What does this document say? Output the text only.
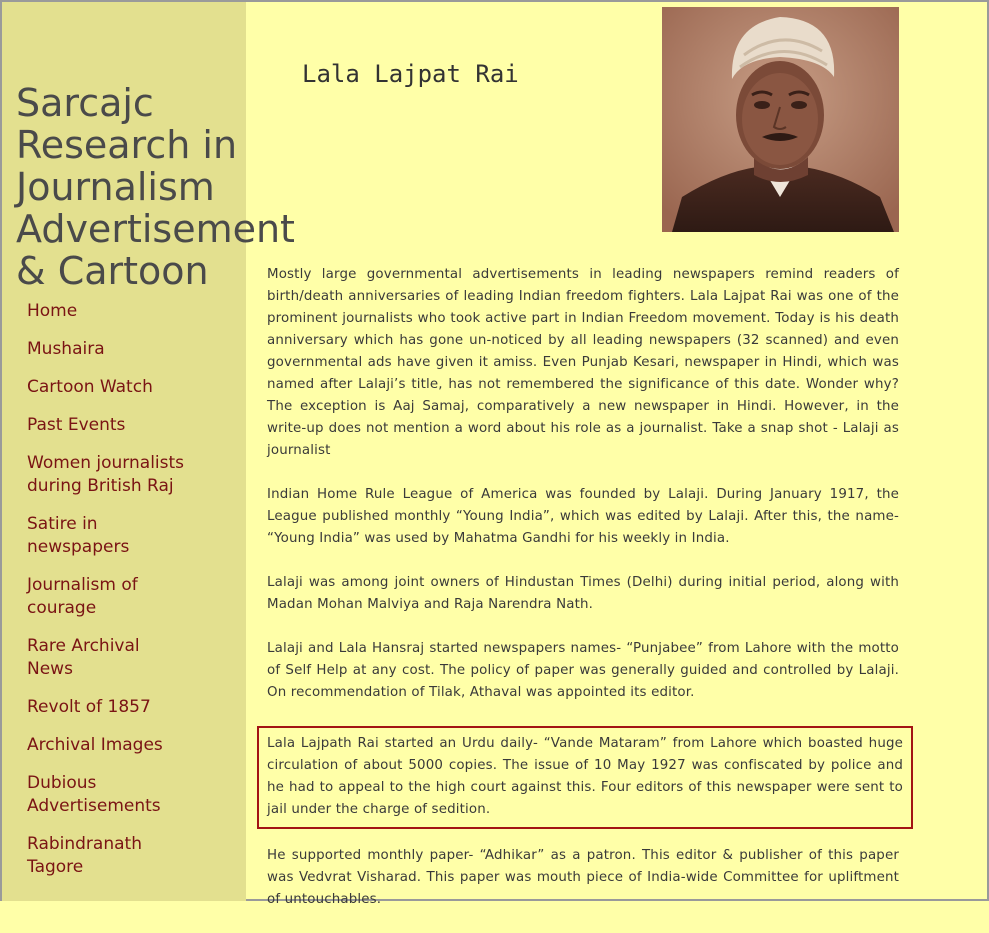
Sarcajc
Research in
Journalism
Advertisement
& Cartoon
Home
Mushaira
Cartoon Watch
Past Events
Women journalists during British Raj
Satire in newspapers
Journalism of courage
Rare Archival News
Revolt of 1857
Archival Images
Dubious Advertisements
Rabindranath Tagore
Lala Lajpat Rai

Mostly large governmental advertisements in leading newspapers remind readers of birth/death anniversaries of leading Indian freedom fighters. Lala Lajpat Rai was one of the prominent journalists who took active part in Indian Freedom movement. Today is his death anniversary which has gone un-noticed by all leading newspapers (32 scanned) and even governmental ads have given it amiss. Even Punjab Kesari, newspaper in Hindi, which was named after Lalaji’s title, has not remembered the significance of this date. Wonder why? The exception is Aaj Samaj, comparatively a new newspaper in Hindi. However, in the write-up does not mention a word about his role as a journalist. Take a snap shot - Lalaji as journalist

Indian Home Rule League of America was founded by Lalaji. During January 1917, the League published monthly “Young India”, which was edited by Lalaji. After this, the name- “Young India” was used by Mahatma Gandhi for his weekly in India.

Lalaji was among joint owners of Hindustan Times (Delhi) during initial period, along with Madan Mohan Malviya and Raja Narendra Nath.

Lalaji and Lala Hansraj started newspapers names- “Punjabee” from Lahore with the motto of Self Help at any cost. The policy of paper was generally guided and controlled by Lalaji. On recommendation of Tilak, Athaval was appointed its editor.

Lala Lajpath Rai started an Urdu daily- “Vande Mataram” from Lahore which boasted huge circulation of about 5000 copies. The issue of 10 May 1927 was confiscated by police and he had to appeal to the high court against this. Four editors of this newspaper were sent to jail under the charge of sedition.

He supported monthly paper- “Adhikar” as a patron. This editor & publisher of this paper was Vedvrat Visharad. This paper was mouth piece of India-wide Committee for upliftment of untouchables.
